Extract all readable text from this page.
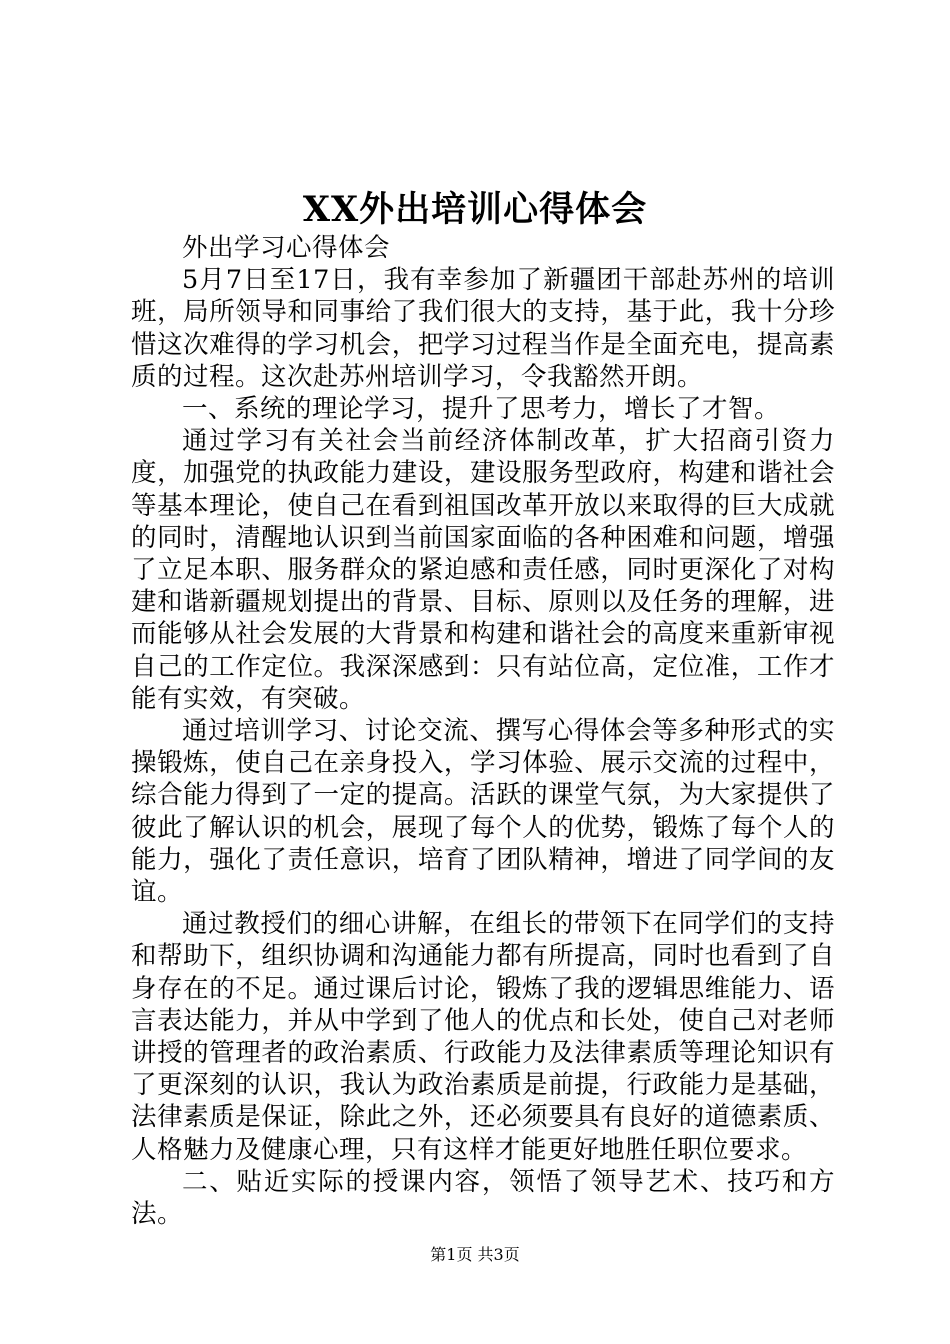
XX外出培训心得体会

外出学习心得体会

5月7日至17日，我有幸参加了新疆团干部赴苏州的培训班，局所领导和同事给了我们很大的支持，基于此，我十分珍惜这次难得的学习机会，把学习过程当作是全面充电，提高素质的过程。这次赴苏州培训学习，令我豁然开朗。

一、系统的理论学习，提升了思考力，增长了才智。

通过学习有关社会当前经济体制改革，扩大招商引资力度，加强党的执政能力建设，建设服务型政府，构建和谐社会等基本理论，使自己在看到祖国改革开放以来取得的巨大成就的同时，清醒地认识到当前国家面临的各种困难和问题，增强了立足本职、服务群众的紧迫感和责任感，同时更深化了对构建和谐新疆规划提出的背景、目标、原则以及任务的理解，进而能够从社会发展的大背景和构建和谐社会的高度来重新审视自己的工作定位。我深深感到：只有站位高，定位准，工作才能有实效，有突破。

通过培训学习、讨论交流、撰写心得体会等多种形式的实操锻炼，使自己在亲身投入，学习体验、展示交流的过程中，综合能力得到了一定的提高。活跃的课堂气氛，为大家提供了彼此了解认识的机会，展现了每个人的优势，锻炼了每个人的能力，强化了责任意识，培育了团队精神，增进了同学间的友谊。

通过教授们的细心讲解，在组长的带领下在同学们的支持和帮助下，组织协调和沟通能力都有所提高，同时也看到了自身存在的不足。通过课后讨论，锻炼了我的逻辑思维能力、语言表达能力，并从中学到了他人的优点和长处，使自己对老师讲授的管理者的政治素质、行政能力及法律素质等理论知识有了更深刻的认识，我认为政治素质是前提，行政能力是基础，法律素质是保证，除此之外，还必须要具有良好的道德素质、人格魅力及健康心理，只有这样才能更好地胜任职位要求。

二、贴近实际的授课内容，领悟了领导艺术、技巧和方法。

第1页 共3页
